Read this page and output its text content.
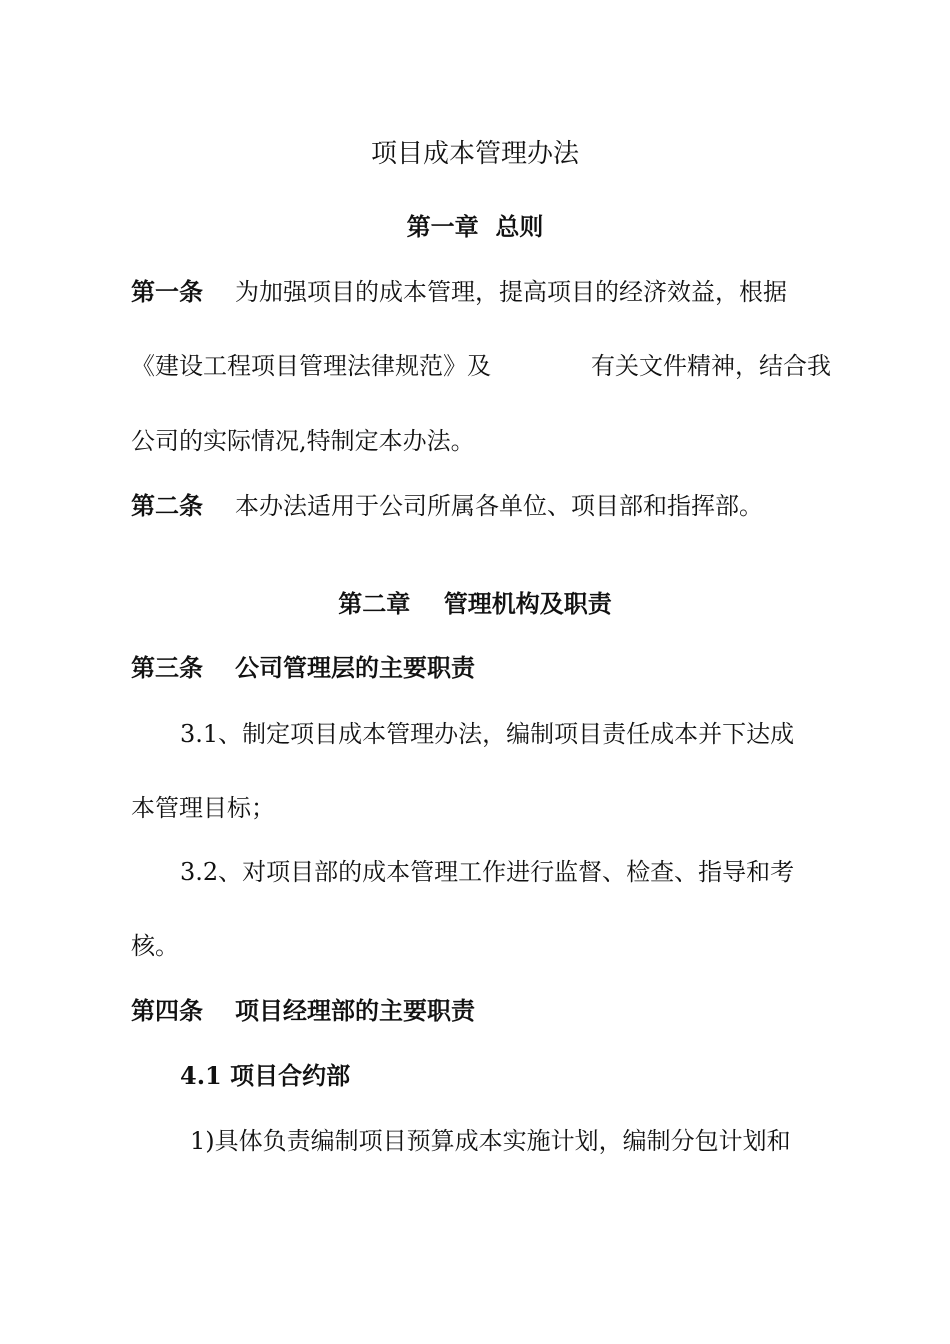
项目成本管理办法
第一章 总则
第一条 为加强项目的成本管理，提高项目的经济效益，根据
《建设工程项目管理法律规范》及	有关文件精神，结合我
公司的实际情况,特制定本办法。
第二条 本办法适用于公司所属各单位、项目部和指挥部。
第二章 管理机构及职责
第三条 公司管理层的主要职责
3.1、制定项目成本管理办法，编制项目责任成本并下达成
本管理目标；
3.2、对项目部的成本管理工作进行监督、检查、指导和考
核。
第四条 项目经理部的主要职责
4.1 项目合约部
1)具体负责编制项目预算成本实施计划，编制分包计划和
